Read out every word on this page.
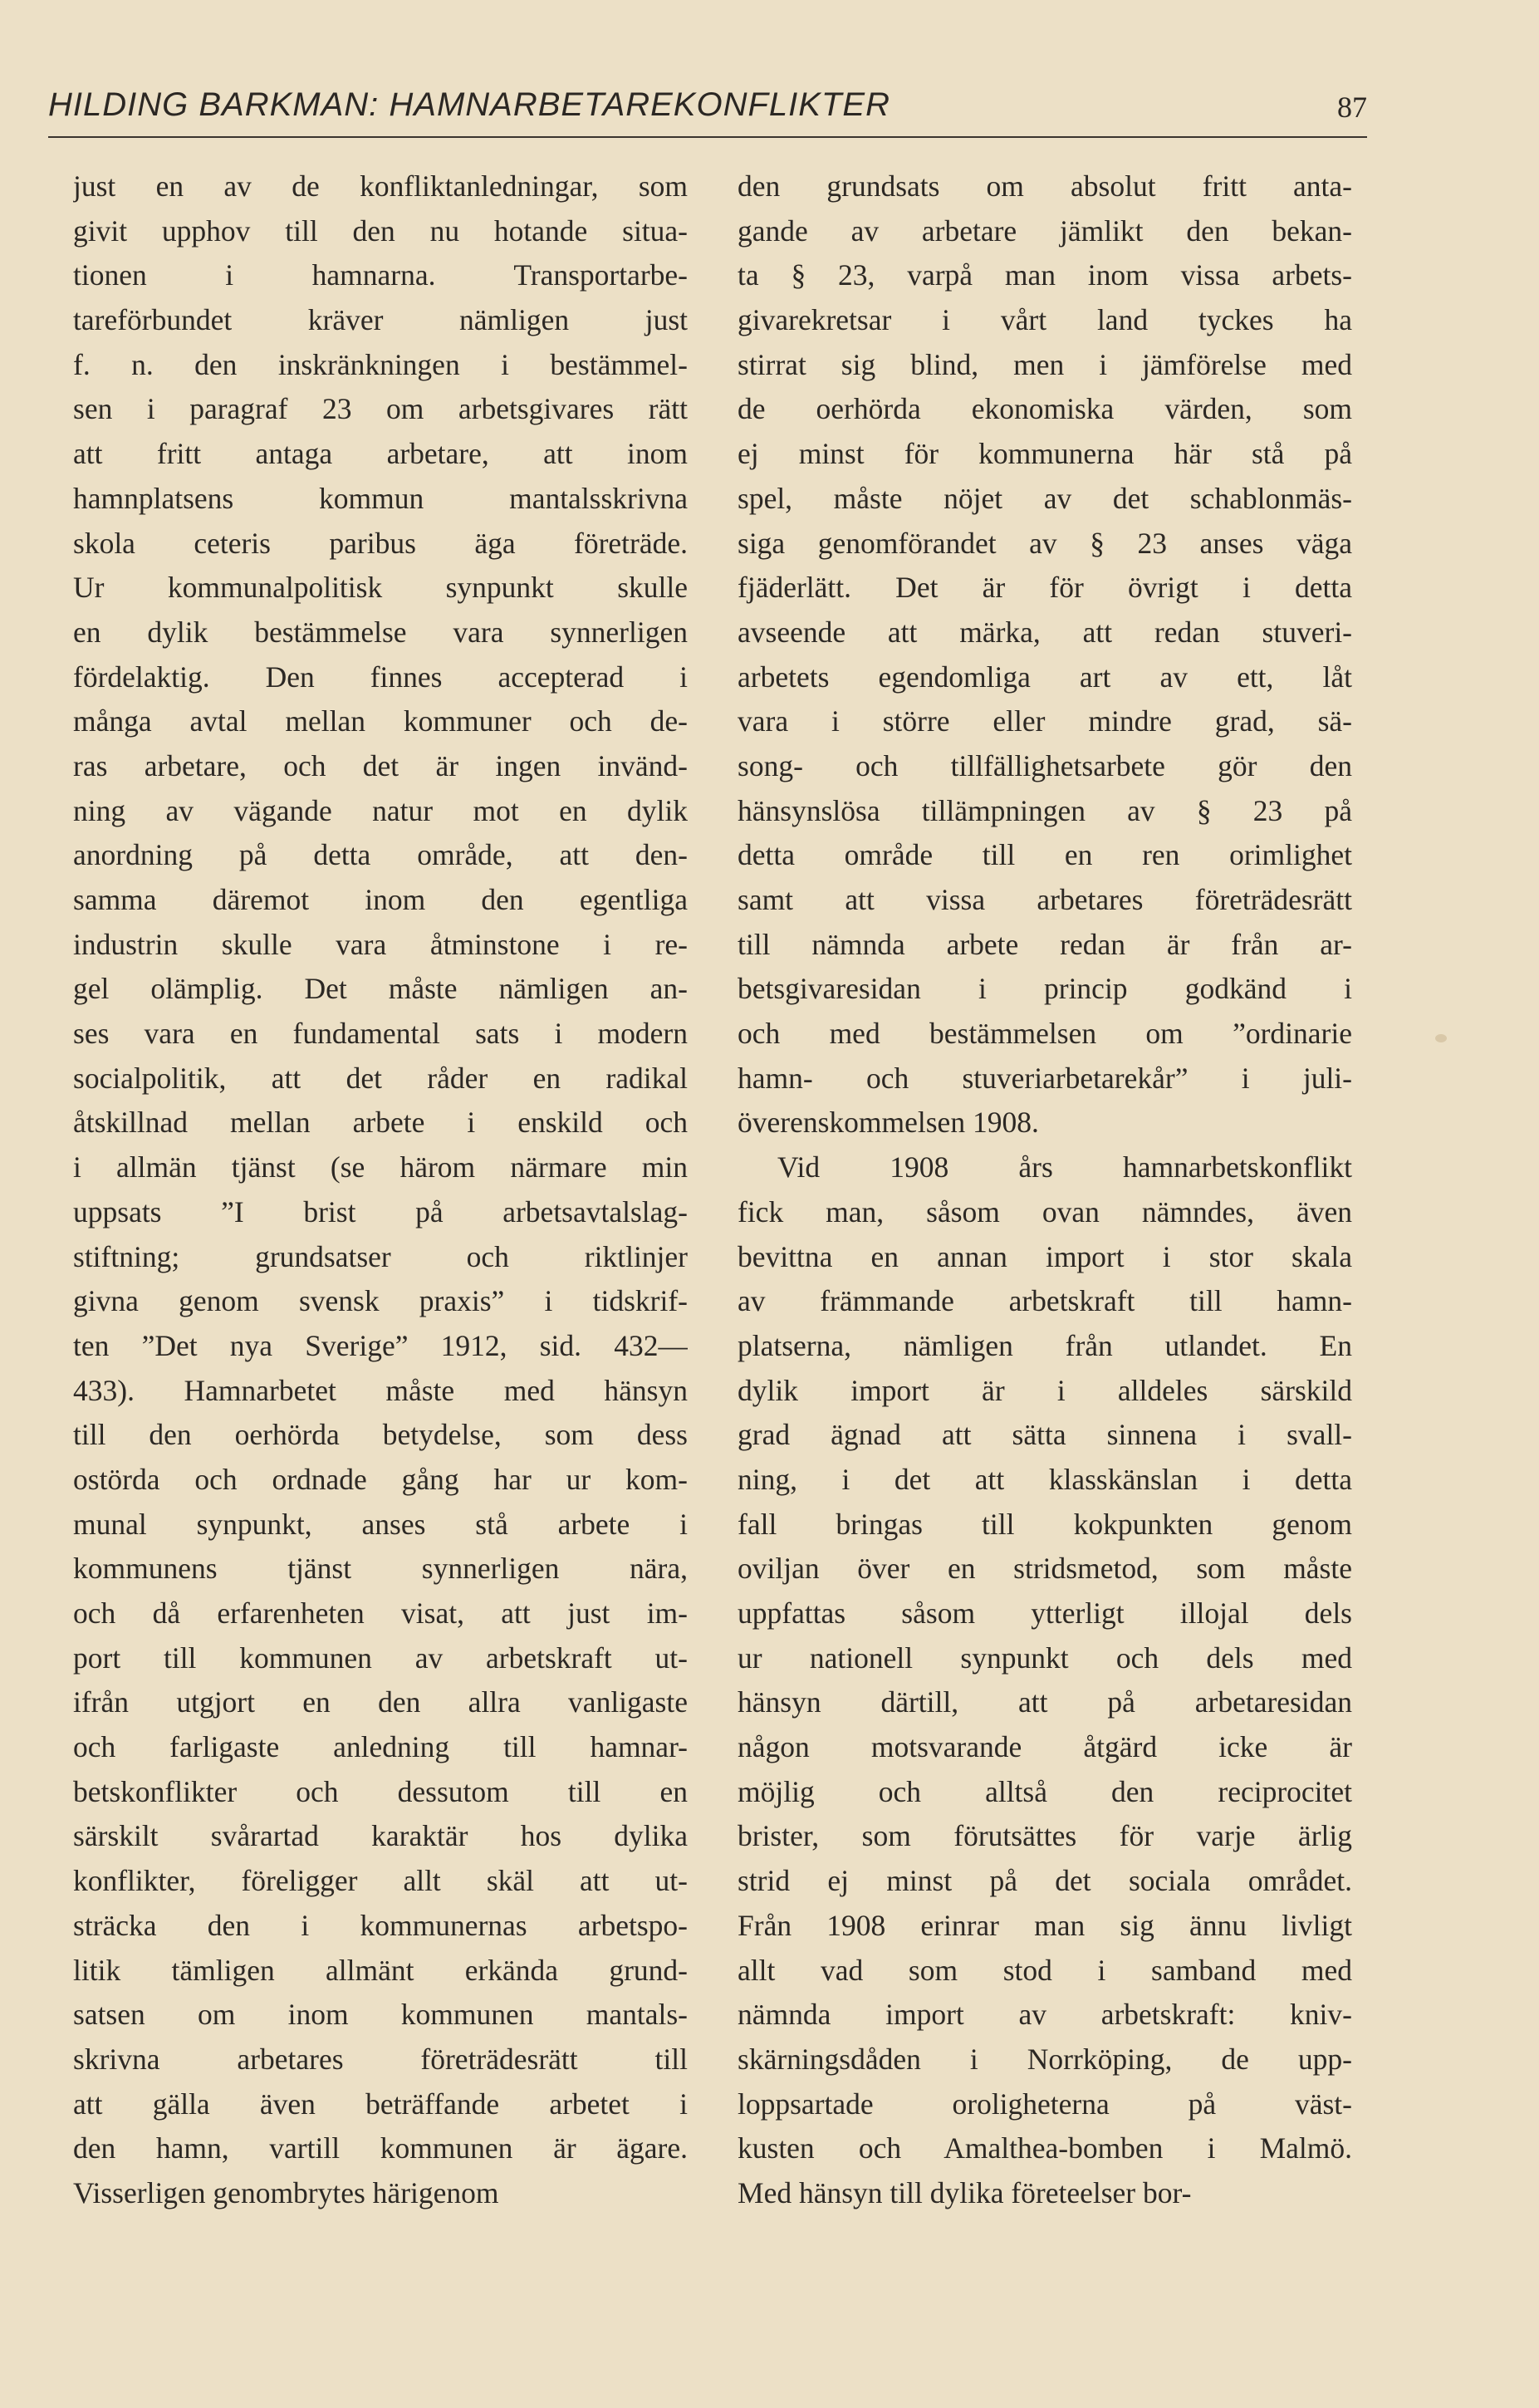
HILDING BARKMAN: HAMNARBETAREKONFLIKTER	87
just en av de konfliktanledningar, som
givit upphov till den nu hotande situa-
tionen i hamnarna. Transportarbe-
tareförbundet kräver nämligen just
f. n. den inskränkningen i bestämmel-
sen i paragraf 23 om arbetsgivares rätt
att fritt antaga arbetare, att inom
hamnplatsens kommun mantalsskrivna
skola ceteris paribus äga företräde.
Ur kommunalpolitisk synpunkt skulle
en dylik bestämmelse vara synnerligen
fördelaktig. Den finnes accepterad i
många avtal mellan kommuner och de-
ras arbetare, och det är ingen invänd-
ning av vägande natur mot en dylik
anordning på detta område, att den-
samma däremot inom den egentliga
industrin skulle vara åtminstone i re-
gel olämplig. Det måste nämligen an-
ses vara en fundamental sats i modern
socialpolitik, att det råder en radikal
åtskillnad mellan arbete i enskild och
i allmän tjänst (se härom närmare min
uppsats ”I brist på arbetsavtalslag-
stiftning; grundsatser och riktlinjer
givna genom svensk praxis” i tidskrif-
ten ”Det nya Sverige” 1912, sid. 432—
433). Hamnarbetet måste med hänsyn
till den oerhörda betydelse, som dess
ostörda och ordnade gång har ur kom-
munal synpunkt, anses stå arbete i
kommunens tjänst synnerligen nära,
och då erfarenheten visat, att just im-
port till kommunen av arbetskraft ut-
ifrån utgjort en den allra vanligaste
och farligaste anledning till hamnar-
betskonflikter och dessutom till en
särskilt svårartad karaktär hos dylika
konflikter, föreligger allt skäl att ut-
sträcka den i kommunernas arbetspo-
litik tämligen allmänt erkända grund-
satsen om inom kommunen mantals-
skrivna arbetares företrädesrätt till
att gälla även beträffande arbetet i
den hamn, vartill kommunen är ägare.
Visserligen genombrytes härigenom
den grundsats om absolut fritt anta-
gande av arbetare jämlikt den bekan-
ta § 23, varpå man inom vissa arbets-
givarekretsar i vårt land tyckes ha
stirrat sig blind, men i jämförelse med
de oerhörda ekonomiska värden, som
ej minst för kommunerna här stå på
spel, måste nöjet av det schablonmäs-
siga genomförandet av § 23 anses väga
fjäderlätt. Det är för övrigt i detta
avseende att märka, att redan stuveri-
arbetets egendomliga art av ett, låt
vara i större eller mindre grad, sä-
song- och tillfällighetsarbete gör den
hänsynslösa tillämpningen av § 23 på
detta område till en ren orimlighet
samt att vissa arbetares företrädesrätt
till nämnda arbete redan är från ar-
betsgivaresidan i princip godkänd i
och med bestämmelsen om ”ordinarie
hamn- och stuveriarbetarekår” i juli-
överenskommelsen 1908.
Vid 1908 års hamnarbetskonflikt
fick man, såsom ovan nämndes, även
bevittna en annan import i stor skala
av främmande arbetskraft till hamn-
platserna, nämligen från utlandet. En
dylik import är i alldeles särskild
grad ägnad att sätta sinnena i svall-
ning, i det att klasskänslan i detta
fall bringas till kokpunkten genom
oviljan över en stridsmetod, som måste
uppfattas såsom ytterligt illojal dels
ur nationell synpunkt och dels med
hänsyn därtill, att på arbetaresidan
någon motsvarande åtgärd icke är
möjlig och alltså den reciprocitet
brister, som förutsättes för varje ärlig
strid ej minst på det sociala området.
Från 1908 erinrar man sig ännu livligt
allt vad som stod i samband med
nämnda import av arbetskraft: kniv-
skärningsdåden i Norrköping, de upp-
loppsartade oroligheterna på väst-
kusten och Amalthea-bomben i Malmö.
Med hänsyn till dylika företeelser bor-
